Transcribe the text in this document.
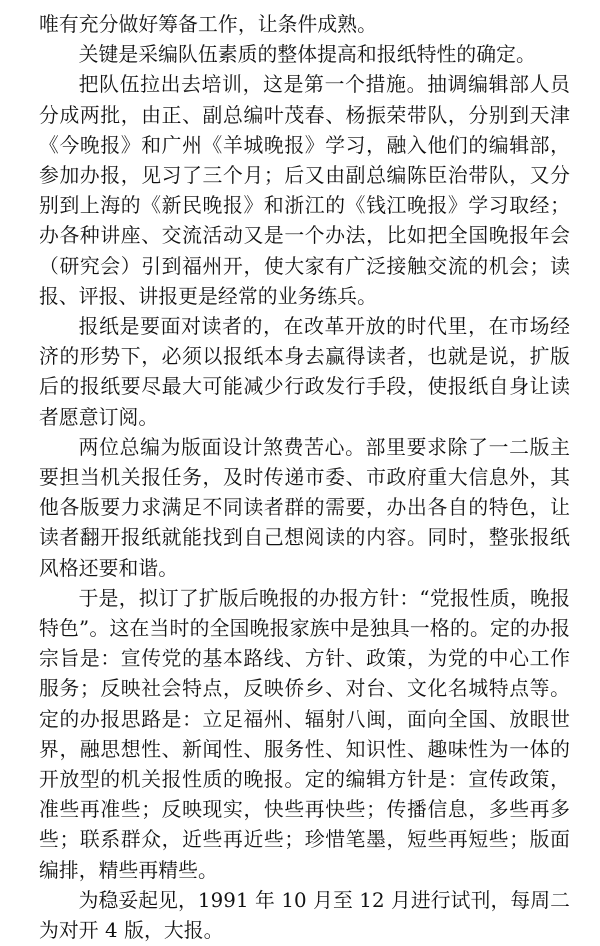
唯有充分做好筹备工作，让条件成熟。

关键是采编队伍素质的整体提高和报纸特性的确定。

把队伍拉出去培训，这是第一个措施。抽调编辑部人员分成两批，由正、副总编叶茂春、杨振荣带队，分别到天津《今晚报》和广州《羊城晚报》学习，融入他们的编辑部，参加办报，见习了三个月；后又由副总编陈臣治带队，又分别到上海的《新民晚报》和浙江的《钱江晚报》学习取经；办各种讲座、交流活动又是一个办法，比如把全国晚报年会（研究会）引到福州开，使大家有广泛接触交流的机会；读报、评报、讲报更是经常的业务练兵。

报纸是要面对读者的，在改革开放的时代里，在市场经济的形势下，必须以报纸本身去赢得读者，也就是说，扩版后的报纸要尽最大可能减少行政发行手段，使报纸自身让读者愿意订阅。

两位总编为版面设计煞费苦心。部里要求除了一二版主要担当机关报任务，及时传递市委、市政府重大信息外，其他各版要力求满足不同读者群的需要，办出各自的特色，让读者翻开报纸就能找到自己想阅读的内容。同时，整张报纸风格还要和谐。

于是，拟订了扩版后晚报的办报方针：“党报性质，晚报特色”。这在当时的全国晚报家族中是独具一格的。定的办报宗旨是：宣传党的基本路线、方针、政策，为党的中心工作服务；反映社会特点，反映侨乡、对台、文化名城特点等。定的办报思路是：立足福州、辐射八闽，面向全国、放眼世界，融思想性、新闻性、服务性、知识性、趣味性为一体的开放型的机关报性质的晚报。定的编辑方针是：宣传政策，准些再准些；反映现实，快些再快些；传播信息，多些再多些；联系群众，近些再近些；珍惜笔墨，短些再短些；版面编排，精些再精些。

为稳妥起见，1991 年 10 月至 12 月进行试刊，每周二为对开 4 版，大报。
